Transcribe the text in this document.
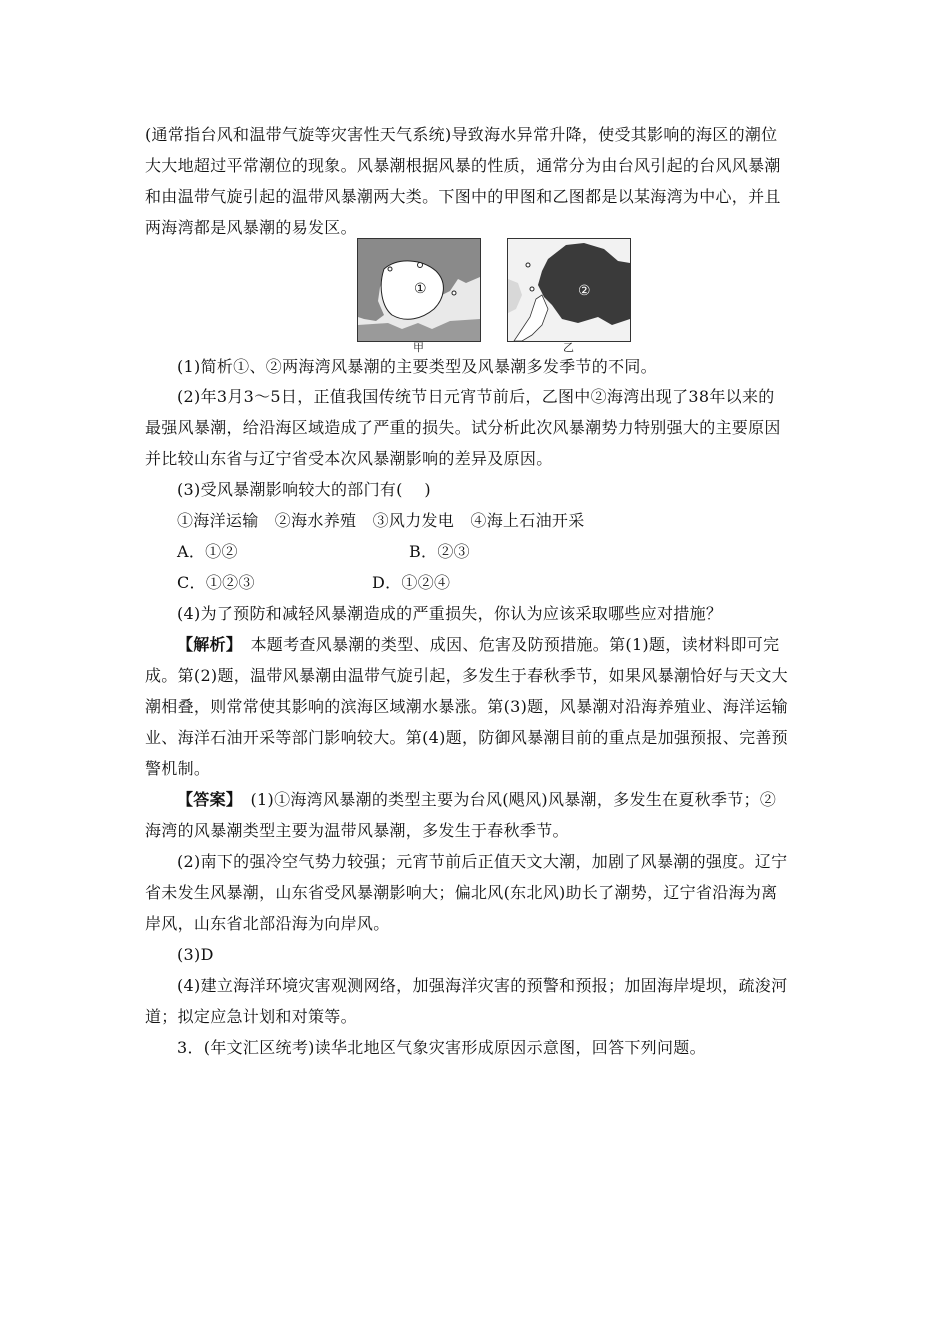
(通常指台风和温带气旋等灾害性天气系统)导致海水异常升降，使受其影响的海区的潮位
大大地超过平常潮位的现象。风暴潮根据风暴的性质，通常分为由台风引起的台风风暴潮
和由温带气旋引起的温带风暴潮两大类。下图中的甲图和乙图都是以某海湾为中心，并且
两海湾都是风暴潮的易发区。
①
甲
②
乙
(1)简析①、②两海湾风暴潮的主要类型及风暴潮多发季节的不同。
(2)年3月3～5日，正值我国传统节日元宵节前后，乙图中②海湾出现了38年以来的
最强风暴潮，给沿海区域造成了严重的损失。试分析此次风暴潮势力特别强大的主要原因
并比较山东省与辽宁省受本次风暴潮影响的差异及原因。
(3)受风暴潮影响较大的部门有(　 )
①海洋运输　②海水养殖　③风力发电　④海上石油开采
A．①②	B．②③
C．①②③	D．①②④
(4)为了预防和减轻风暴潮造成的严重损失，你认为应该采取哪些应对措施？
【解析】　本题考查风暴潮的类型、成因、危害及防预措施。第(1)题，读材料即可完
成。第(2)题，温带风暴潮由温带气旋引起，多发生于春秋季节，如果风暴潮恰好与天文大
潮相叠，则常常使其影响的滨海区域潮水暴涨。第(3)题，风暴潮对沿海养殖业、海洋运输
业、海洋石油开采等部门影响较大。第(4)题，防御风暴潮目前的重点是加强预报、完善预
警机制。
【答案】　(1)①海湾风暴潮的类型主要为台风(飓风)风暴潮，多发生在夏秋季节；②
海湾的风暴潮类型主要为温带风暴潮，多发生于春秋季节。
(2)南下的强冷空气势力较强；元宵节前后正值天文大潮，加剧了风暴潮的强度。辽宁
省未发生风暴潮，山东省受风暴潮影响大；偏北风(东北风)助长了潮势，辽宁省沿海为离
岸风，山东省北部沿海为向岸风。
(3)D
(4)建立海洋环境灾害观测网络，加强海洋灾害的预警和预报；加固海岸堤坝，疏浚河
道；拟定应急计划和对策等。
3．(年文汇区统考)读华北地区气象灾害形成原因示意图，回答下列问题。
